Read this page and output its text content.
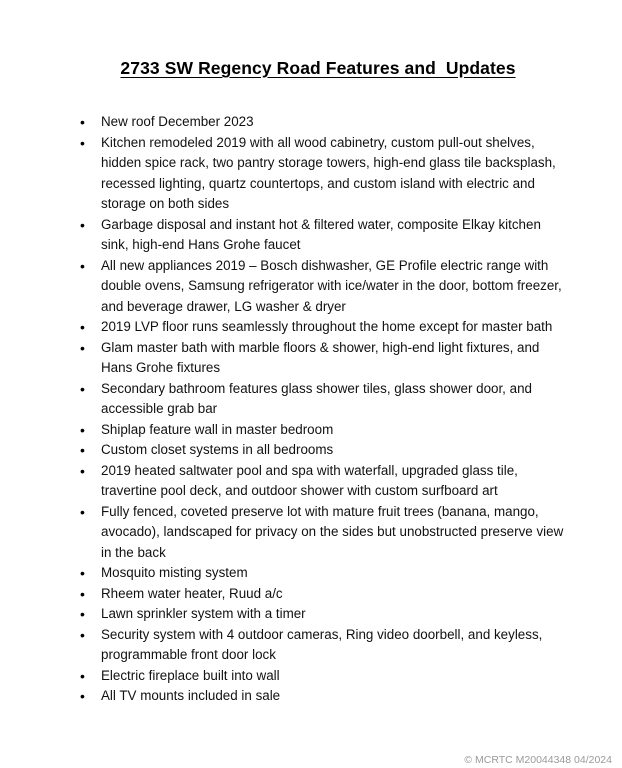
2733 SW Regency Road Features and  Updates
• New roof December 2023
• Kitchen remodeled 2019 with all wood cabinetry, custom pull-out shelves, hidden spice rack, two pantry storage towers, high-end glass tile backsplash, recessed lighting, quartz countertops, and custom island with electric and storage on both sides
• Garbage disposal and instant hot & filtered water, composite Elkay kitchen sink, high-end Hans Grohe faucet
• All new appliances 2019 – Bosch dishwasher, GE Profile electric range with double ovens, Samsung refrigerator with ice/water in the door, bottom freezer, and beverage drawer, LG washer & dryer
• 2019 LVP floor runs seamlessly throughout the home except for master bath
• Glam master bath with marble floors & shower, high-end light fixtures, and Hans Grohe fixtures
• Secondary bathroom features glass shower tiles, glass shower door, and accessible grab bar
• Shiplap feature wall in master bedroom
• Custom closet systems in all bedrooms
• 2019 heated saltwater pool and spa with waterfall, upgraded glass tile, travertine pool deck, and outdoor shower with custom surfboard art
• Fully fenced, coveted preserve lot with mature fruit trees (banana, mango, avocado), landscaped for privacy on the sides but unobstructed preserve view in the back
• Mosquito misting system
• Rheem water heater, Ruud a/c
• Lawn sprinkler system with a timer
• Security system with 4 outdoor cameras, Ring video doorbell, and keyless, programmable front door lock
• Electric fireplace built into wall
• All TV mounts included in sale
© MCRTC M20044348 04/2024
